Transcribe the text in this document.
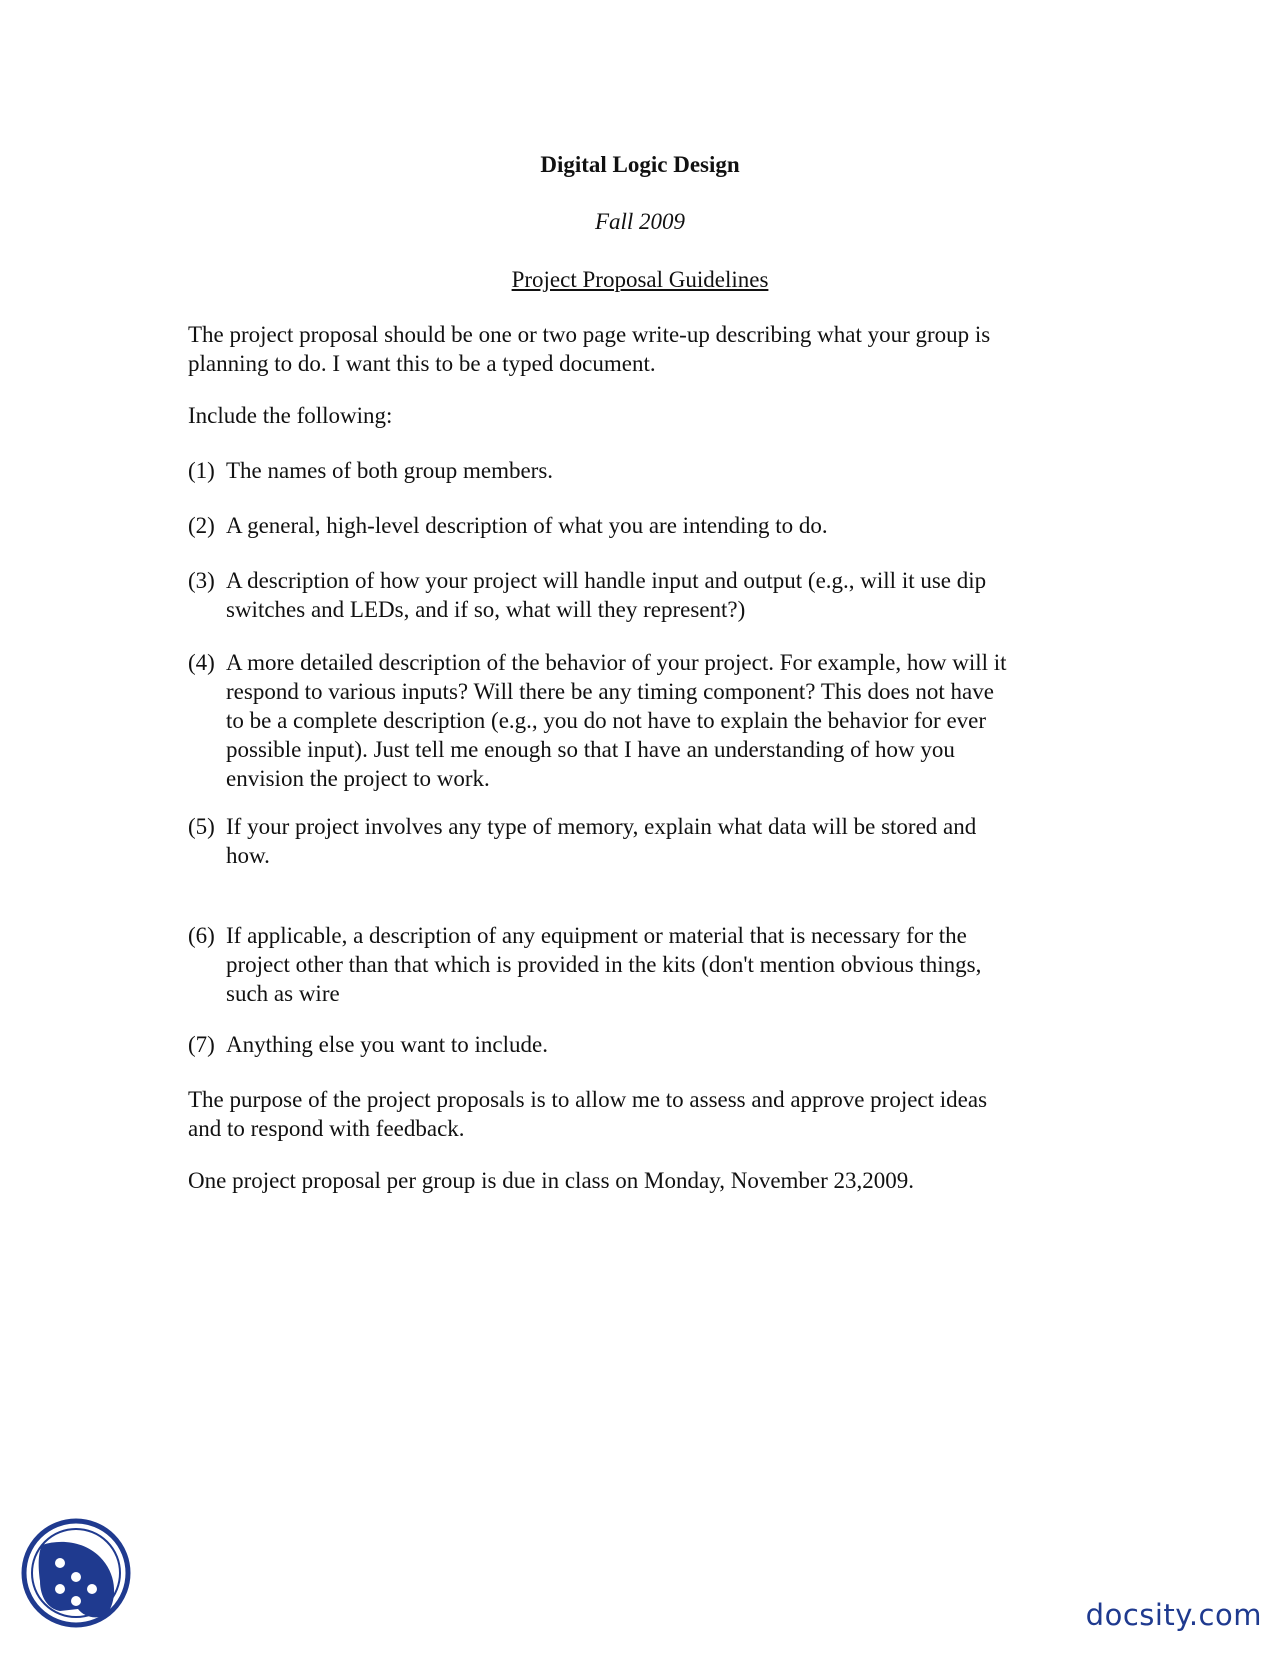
Digital Logic Design
Fall 2009
Project Proposal Guidelines

The project proposal should be one or two page write-up describing what your group is
planning to do. I want this to be a typed document.

Include the following:

(1) The names of both group members.
(2) A general, high-level description of what you are intending to do.
(3) A description of how your project will handle input and output (e.g., will it use dip
switches and LEDs, and if so, what will they represent?)
(4) A more detailed description of the behavior of your project. For example, how will it
respond to various inputs? Will there be any timing component? This does not have
to be a complete description (e.g., you do not have to explain the behavior for ever
possible input). Just tell me enough so that I have an understanding of how you
envision the project to work.
(5) If your project involves any type of memory, explain what data will be stored and
how.
(6) If applicable, a description of any equipment or material that is necessary for the
project other than that which is provided in the kits (don't mention obvious things,
such as wire
(7) Anything else you want to include.

The purpose of the project proposals is to allow me to assess and approve project ideas
and to respond with feedback.

One project proposal per group is due in class on Monday, November 23,2009.

docsity.com
